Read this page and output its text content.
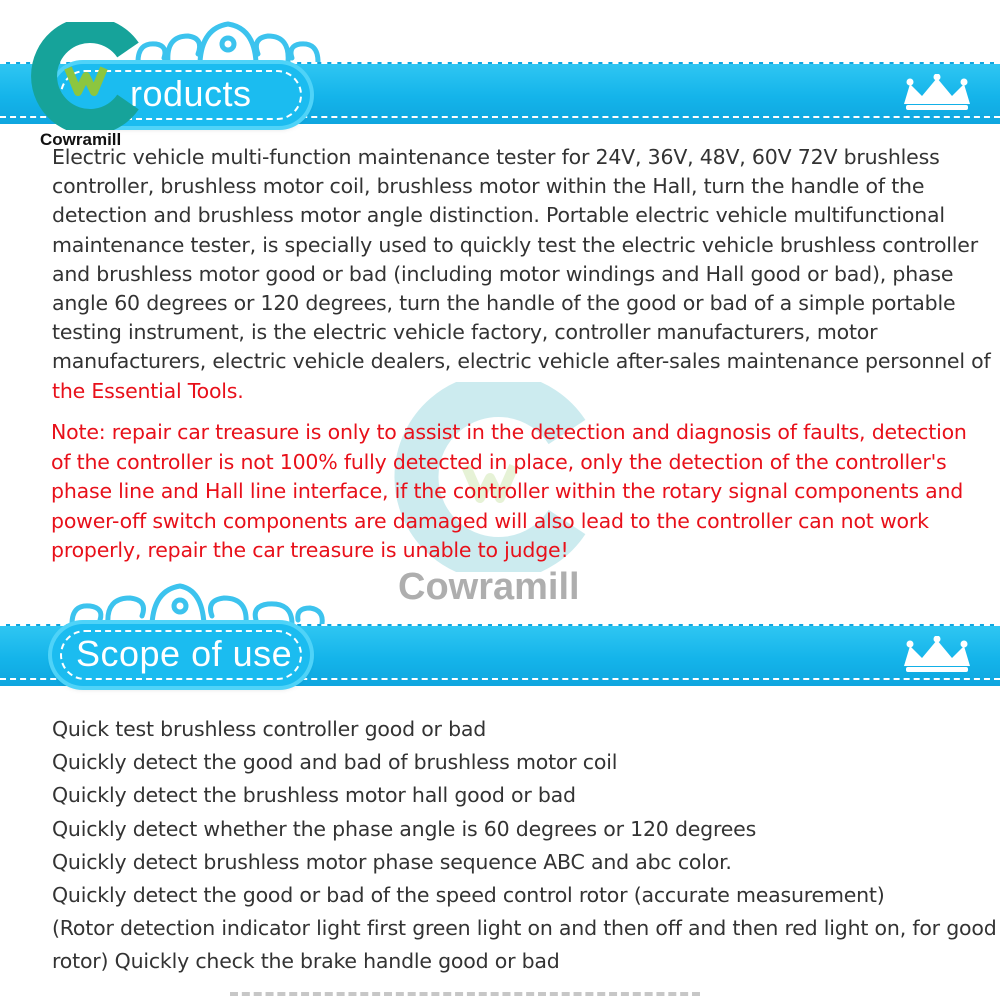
roducts
Cowramill
Electric vehicle multi-function maintenance tester for 24V, 36V, 48V, 60V 72V brushless controller, brushless motor coil, brushless motor within the Hall, turn the handle of the detection and brushless motor angle distinction. Portable electric vehicle multifunctional maintenance tester, is specially used to quickly test the electric vehicle brushless controller and brushless motor good or bad (including motor windings and Hall good or bad), phase angle 60 degrees or 120 degrees, turn the handle of the good or bad of a simple portable testing instrument, is the electric vehicle factory, controller manufacturers, motor manufacturers, electric vehicle dealers, electric vehicle after-sales maintenance personnel of the Essential Tools.
Cowramill
Note: repair car treasure is only to assist in the detection and diagnosis of faults, detection of the controller is not 100% fully detected in place, only the detection of the controller's phase line and Hall line interface, if the controller within the rotary signal components and power-off switch components are damaged will also lead to the controller can not work properly, repair the car treasure is unable to judge!
Scope of use
Quick test brushless controller good or bad
Quickly detect the good and bad of brushless motor coil
Quickly detect the brushless motor hall good or bad
Quickly detect whether the phase angle is 60 degrees or 120 degrees
Quickly detect brushless motor phase sequence ABC and abc color.
Quickly detect the good or bad of the speed control rotor (accurate measurement)
(Rotor detection indicator light first green light on and then off and then red light on, for good rotor) Quickly check the brake handle good or bad
